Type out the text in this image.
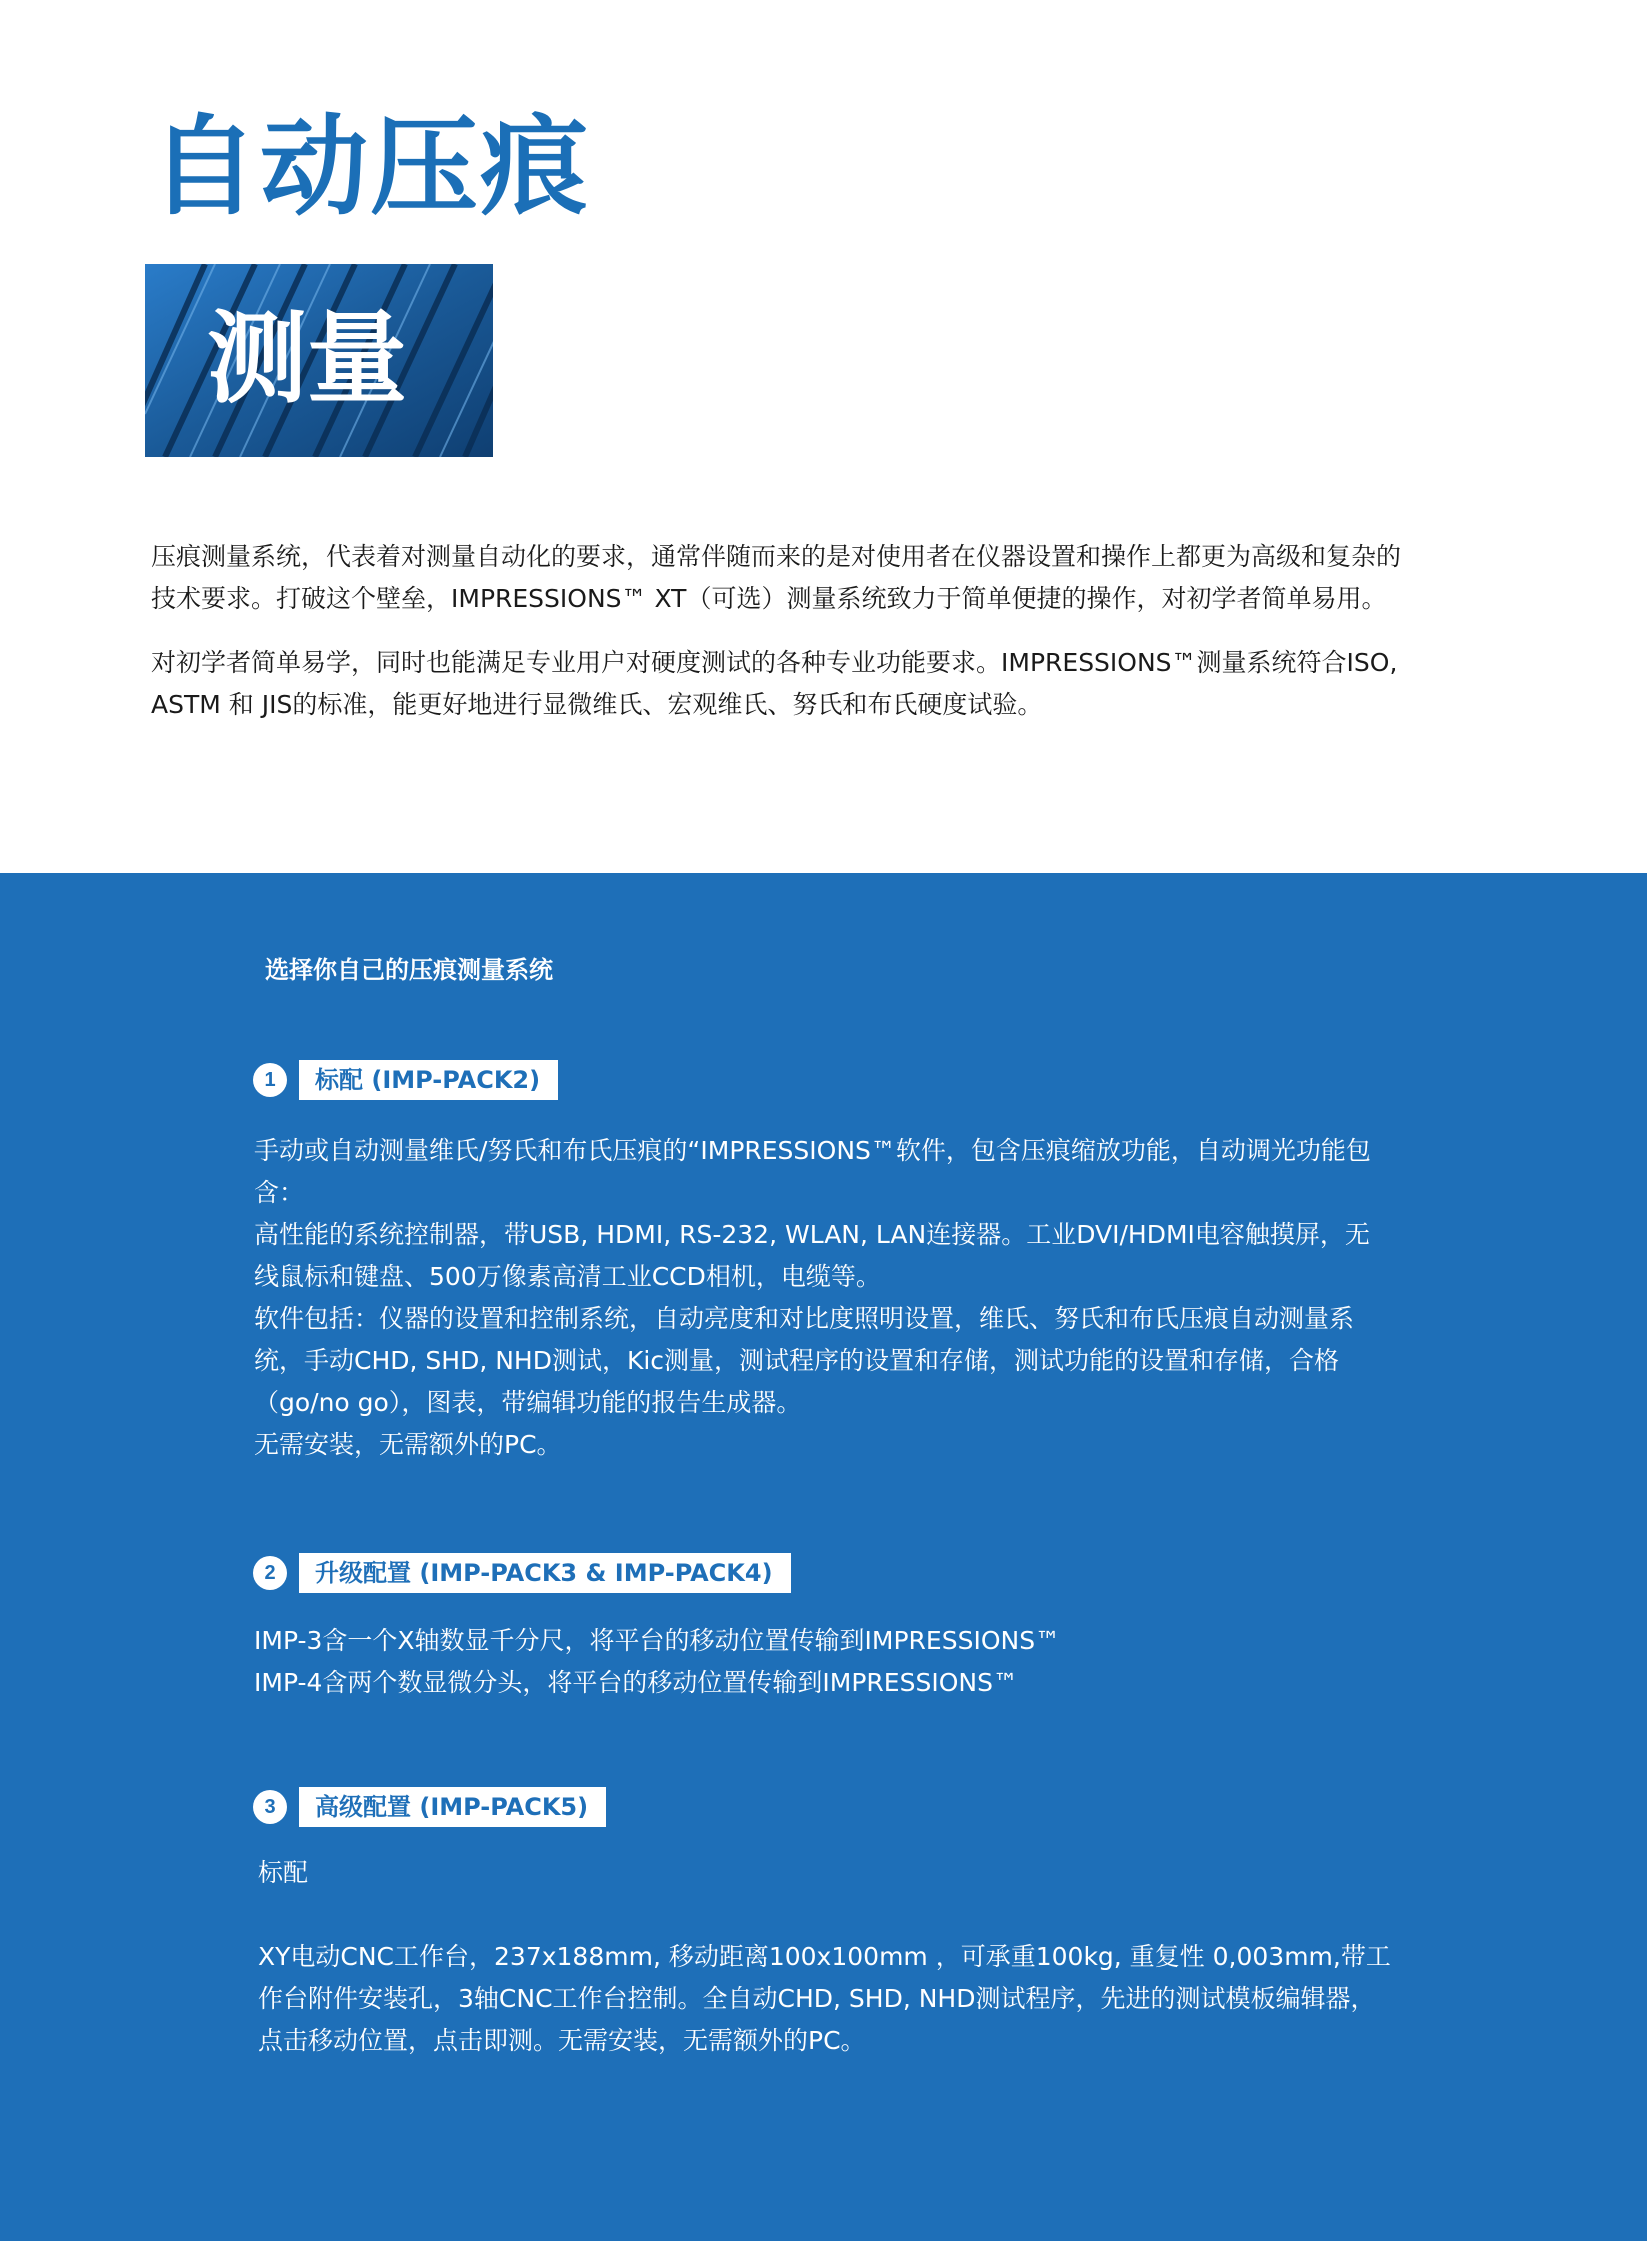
自动压痕
测量

压痕测量系统，代表着对测量自动化的要求，通常伴随而来的是对使用者在仪器设置和操作上都更为高级和复杂的技术要求。打破这个壁垒，IMPRESSIONS™ XT（可选）测量系统致力于简单便捷的操作，对初学者简单易用。

对初学者简单易学，同时也能满足专业用户对硬度测试的各种专业功能要求。IMPRESSIONS™测量系统符合ISO, ASTM 和 JIS的标准，能更好地进行显微维氏、宏观维氏、努氏和布氏硬度试验。

选择你自己的压痕测量系统
1	标配 (IMP-PACK2)

手动或自动测量维氏/努氏和布氏压痕的“IMPRESSIONS™软件，包含压痕缩放功能，自动调光功能包含：

高性能的系统控制器，带USB, HDMI, RS-232, WLAN, LAN连接器。工业DVI/HDMI电容触摸屏，无线鼠标和键盘、500万像素高清工业CCD相机，电缆等。

软件包括：仪器的设置和控制系统，自动亮度和对比度照明设置，维氏、努氏和布氏压痕自动测量系统，手动CHD, SHD, NHD测试，Kic测量，测试程序的设置和存储，测试功能的设置和存储，合格（go/no go），图表，带编辑功能的报告生成器。

无需安装，无需额外的PC。

2	升级配置 (IMP-PACK3 & IMP-PACK4)

IMP-3含一个X轴数显千分尺，将平台的移动位置传输到IMPRESSIONS™

IMP-4含两个数显微分头，将平台的移动位置传输到IMPRESSIONS™

3	高级配置 (IMP-PACK5)

标配

XY电动CNC工作台，237x188mm, 移动距离100x100mm ，可承重100kg, 重复性 0,003mm,带工作台附件安装孔，3轴CNC工作台控制。全自动CHD, SHD, NHD测试程序，先进的测试模板编辑器，点击移动位置，点击即测。无需安装，无需额外的PC。
